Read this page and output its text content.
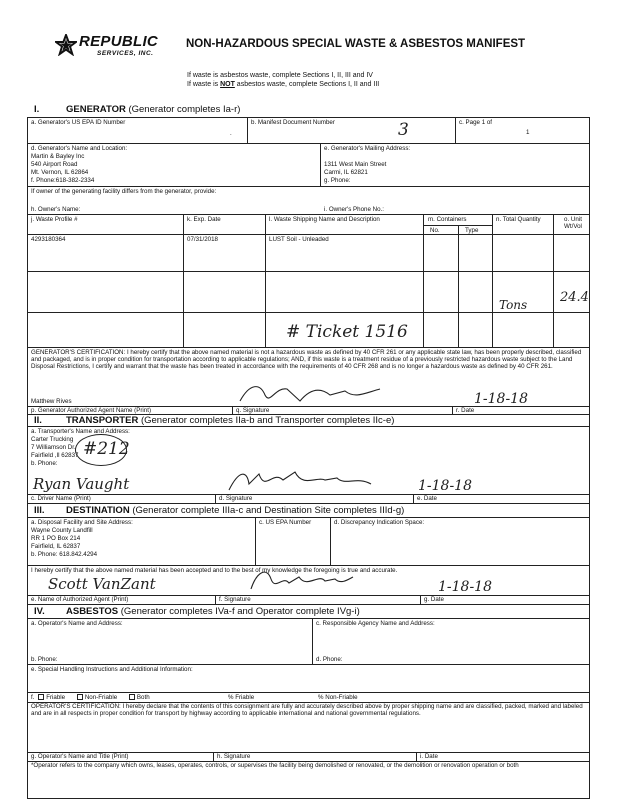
REPUBLIC
SERVICES, INC.
NON-HAZARDOUS SPECIAL WASTE & ASBESTOS MANIFEST
If waste is asbestos waste, complete Sections I, II, III and IV
If waste is NOT asbestos waste, complete Sections I, II and III
I.	GENERATOR (Generator completes Ia-r)
a. Generator's US EPA ID Number
.
b. Manifest Document Number	3	c. Page 1 of
1
d. Generator's Name and Location:
Martin & Bayley Inc
540 Airport Road
Mt. Vernon, IL 62864
f. Phone:618-382-2334
e. Generator's Mailing Address:
1311 West Main Street
Carmi, IL 62821
g. Phone:
If owner of the generating facility differs from the generator, provide:
h. Owner's Name:	i. Owner's Phone No.:
j. Waste Profile #	k. Exp. Date	l. Waste Shipping Name and Description	m. Containers
No.	Type
n. Total Quantity	o. Unit Wt/Vol
4293180364	07/31/2018	LUST Soil - Unleaded
Tons	24.4
# Ticket 1516
GENERATOR'S CERTIFICATION: I hereby certify that the above named material is not a hazardous waste as defined by 40 CFR 261 or any applicable state law, has been properly described, classified and packaged, and is in proper condition for transportation according to applicable regulations; AND, if this waste is a treatment residue of a previously restricted hazardous waste subject to the Land Disposal Restrictions, I certify and warrant that the waste has been treated in accordance with the requirements of 40 CFR 268 and is no longer a hazardous waste as defined by 40 CFR 261.
Matthew Rives	1-18-18
p. Generator Authorized Agent Name (Print)	q. Signature	r. Date
II.	TRANSPORTER (Generator completes IIa-b and Transporter completes IIc-e)
a. Transporter's Name and Address:
Carter Trucking
7 Williamson Dr.
Fairfield ,Il 62837
b. Phone:
#212
Ryan Vaught	1-18-18
c. Driver Name (Print)	d. Signature	e. Date
III. DESTINATION (Generator complete IIIa-c and Destination Site completes IIId-g)
a. Disposal Facility and Site Address:
Wayne County Landfill
RR 1 PO Box 214
Fairfield, IL 62837
b. Phone: 618.842.4294
c. US EPA Number	d. Discrepancy Indication Space:
I hereby certify that the above named material has been accepted and to the best of my knowledge the foregoing is true and accurate.
Scott VanZant	1-18-18
e. Name of Authorized Agent (Print)	f. Signature	g. Date
IV. ASBESTOS (Generator completes IVa-f and Operator complete IVg-i)
a. Operator's Name and Address:	c. Responsible Agency Name and Address:
b. Phone:	d. Phone:
e. Special Handling Instructions and Additional Information:
f. Friable	Non-Friable	Both	% Friable	% Non-Friable
OPERATOR'S CERTIFICATION: I hereby declare that the contents of this consignment are fully and accurately described above by proper shipping name and are classified, packed, marked and labeled and are in all respects in proper condition for transport by highway according to applicable international and national governmental regulations.
g. Operator's Name and Title (Print)	h. Signature	i. Date
*Operator refers to the company which owns, leases, operates, controls, or supervises the facility being demolished or renovated, or the demolition or renovation operation or both
